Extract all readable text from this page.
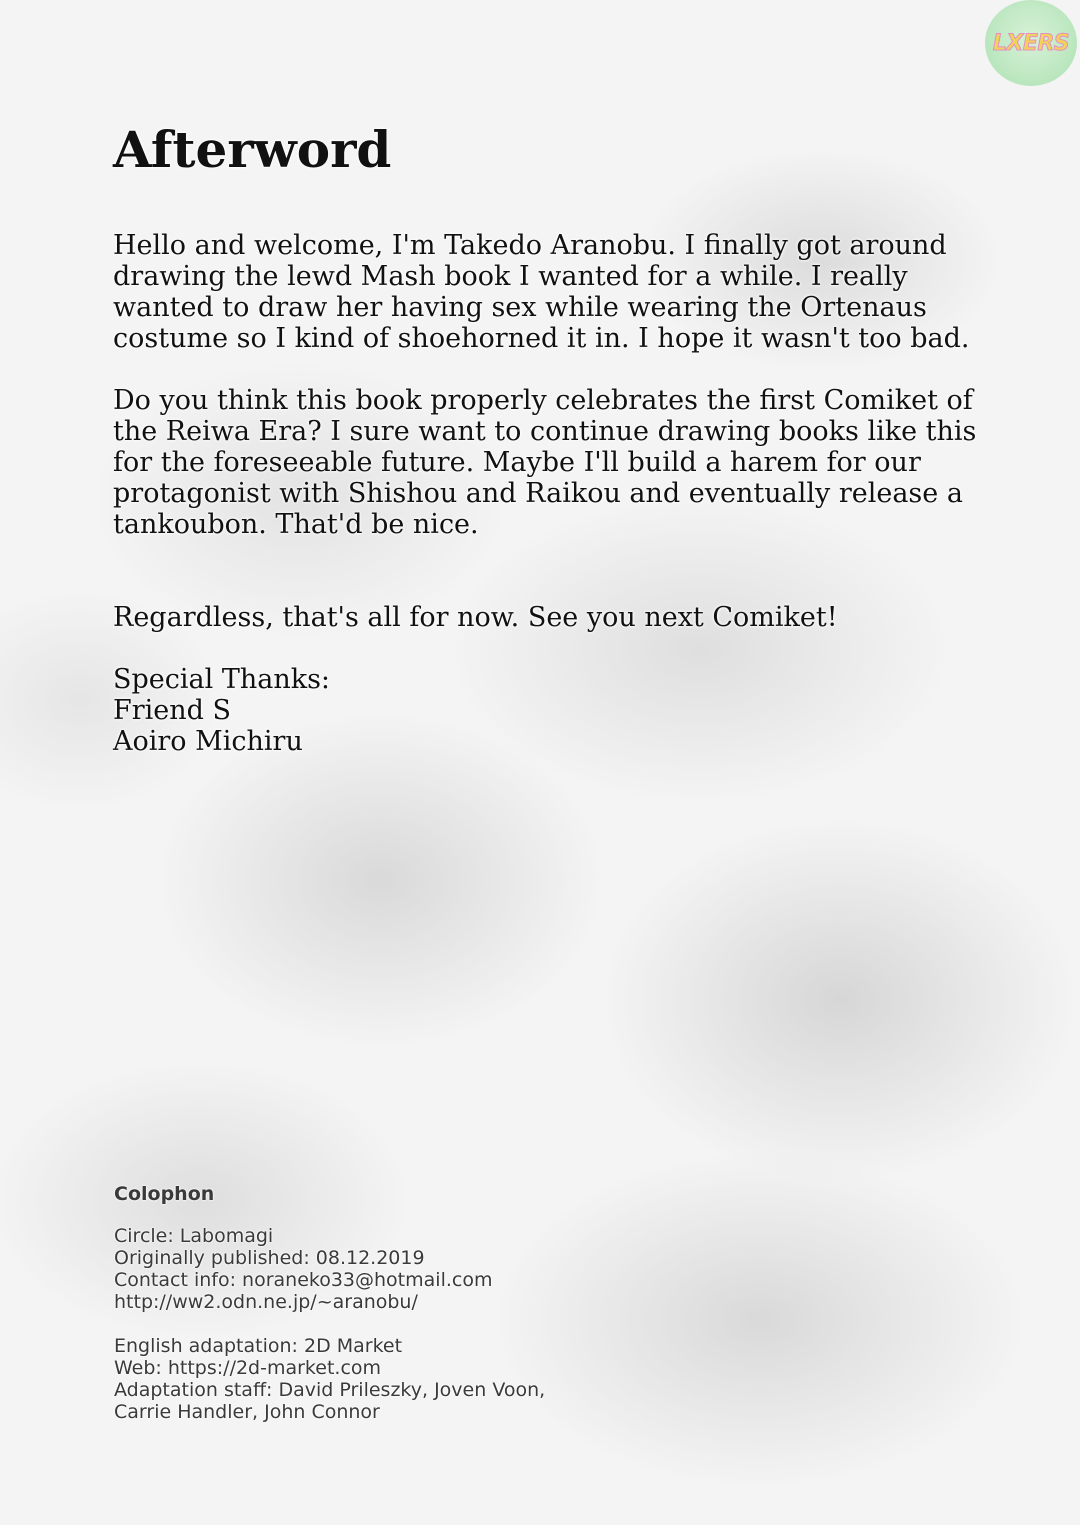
LXERS
Afterword

Hello and welcome, I'm Takedo Aranobu. I finally got around drawing the lewd Mash book I wanted for a while. I really wanted to draw her having sex while wearing the Ortenaus costume so I kind of shoehorned it in. I hope it wasn't too bad.

Do you think this book properly celebrates the first Comiket of the Reiwa Era? I sure want to continue drawing books like this for the foreseeable future. Maybe I'll build a harem for our protagonist with Shishou and Raikou and eventually release a tankoubon. That'd be nice.

Regardless, that's all for now. See you next Comiket!

Special Thanks:
Friend S
Aoiro Michiru
Colophon
Circle: Labomagi
Originally published: 08.12.2019
Contact info: noraneko33@hotmail.com
http://ww2.odn.ne.jp/~aranobu/
English adaptation: 2D Market
Web: https://2d-market.com
Adaptation staff: David Prileszky, Joven Voon,
Carrie Handler, John Connor
